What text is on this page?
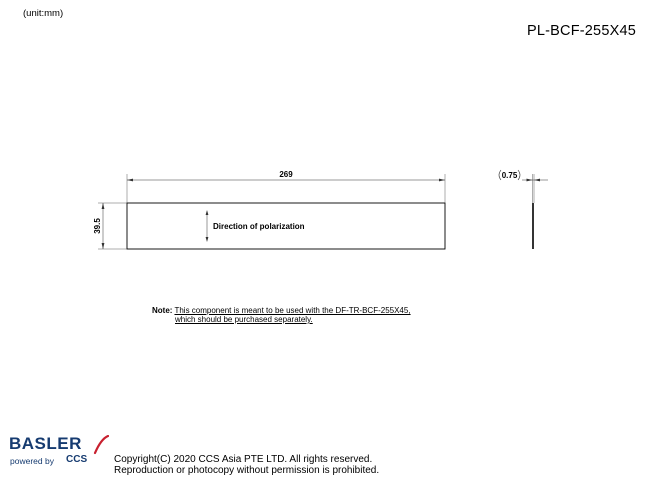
(unit:mm)
PL-BCF-255X45
269
39.5	Direction of polarization
0.75
Note: This component is meant to be used with the DF-TR-BCF-255X45,
which should be purchased separately.
BASLER
powered by CCS	Copyright(C) 2020 CCS Asia PTE LTD. All rights reserved.
Reproduction or photocopy without permission is prohibited.
